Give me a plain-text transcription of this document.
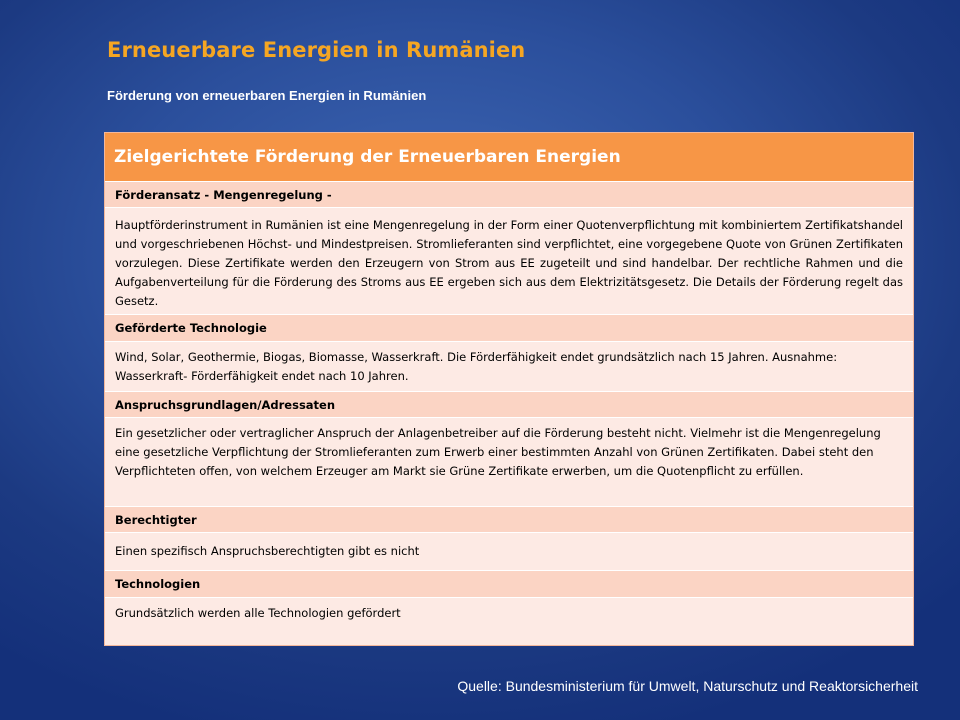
Erneuerbare Energien in Rumänien

Förderung von erneuerbaren Energien in Rumänien

Zielgerichtete Förderung der Erneuerbaren Energien
Förderansatz - Mengenregelung -
Hauptförderinstrument in Rumänien ist eine Mengenregelung in der Form einer Quotenverpflichtung mit kombiniertem Zertifikatshandel und vorgeschriebenen Höchst- und Mindestpreisen. Stromlieferanten sind verpflichtet, eine vorgegebene Quote von Grünen Zertifikaten vorzulegen. Diese Zertifikate werden den Erzeugern von Strom aus EE zugeteilt und sind handelbar. Der rechtliche Rahmen und die Aufgabenverteilung für die Förderung des Stroms aus EE ergeben sich aus dem Elektrizitätsgesetz. Die Details der Förderung regelt das Gesetz.
Geförderte Technologie
Wind, Solar, Geothermie, Biogas, Biomasse, Wasserkraft. Die Förderfähigkeit endet grundsätzlich nach 15 Jahren. Ausnahme: Wasserkraft- Förderfähigkeit endet nach 10 Jahren.
Anspruchsgrundlagen/Adressaten
Ein gesetzlicher oder vertraglicher Anspruch der Anlagenbetreiber auf die Förderung besteht nicht. Vielmehr ist die Mengenregelung eine gesetzliche Verpflichtung der Stromlieferanten zum Erwerb einer bestimmten Anzahl von Grünen Zertifikaten. Dabei steht den Verpflichteten offen, von welchem Erzeuger am Markt sie Grüne Zertifikate erwerben, um die Quotenpflicht zu erfüllen.
Berechtigter
Einen spezifisch Anspruchsberechtigten gibt es nicht
Technologien
Grundsätzlich werden alle Technologien gefördert

Quelle: Bundesministerium für Umwelt, Naturschutz und Reaktorsicherheit
